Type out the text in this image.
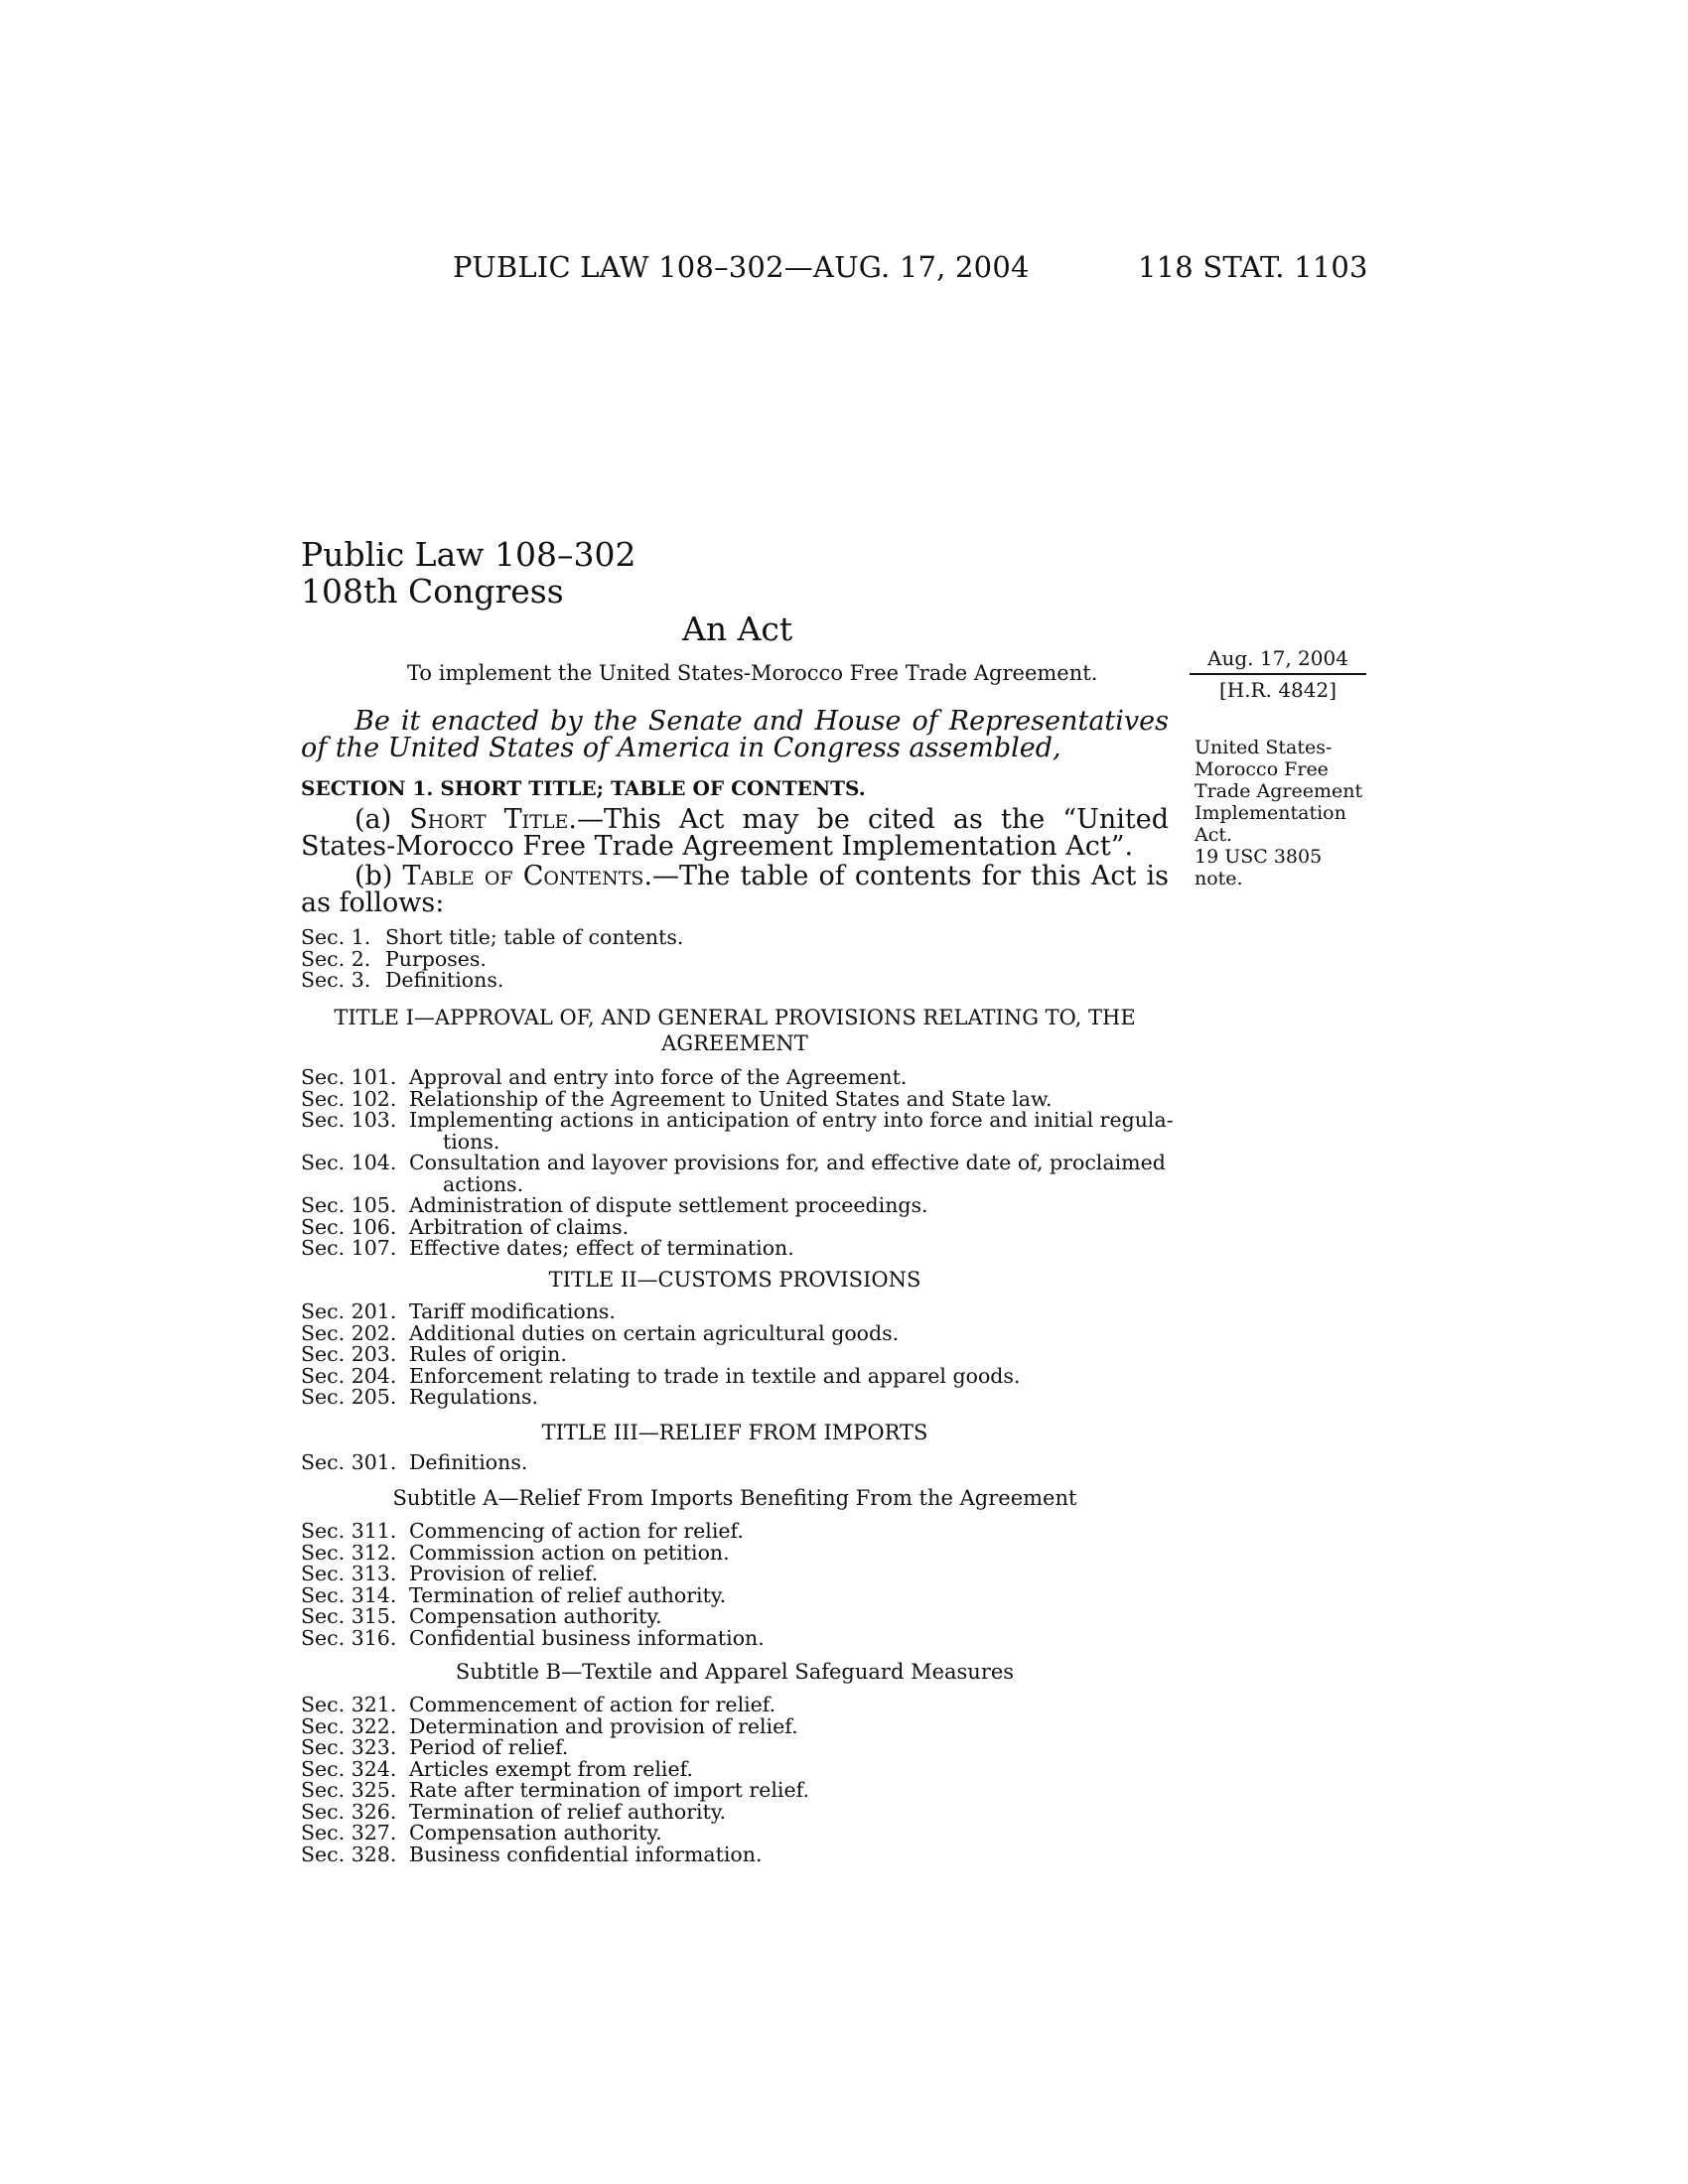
PUBLIC LAW 108–302—AUG. 17, 2004	118 STAT. 1103
Public Law 108–302
108th Congress
An Act
To implement the United States-Morocco Free Trade Agreement.
Aug. 17, 2004
[H.R. 4842]
United States-
Morocco Free
Trade Agreement
Implementation
Act.
19 USC 3805
note.
Be it enacted by the Senate and House of Representatives of the United States of America in Congress assembled,
SECTION 1. SHORT TITLE; TABLE OF CONTENTS.
(a) Short Title.—This Act may be cited as the “United States-Morocco Free Trade Agreement Implementation Act”.
(b) Table of Contents.—The table of contents for this Act is as follows:
Sec. 1. Short title; table of contents.
Sec. 2. Purposes.
Sec. 3. Definitions.
TITLE I—APPROVAL OF, AND GENERAL PROVISIONS RELATING TO, THE AGREEMENT
Sec. 101. Approval and entry into force of the Agreement.
Sec. 102. Relationship of the Agreement to United States and State law.
Sec. 103. Implementing actions in anticipation of entry into force and initial regula-
tions.
Sec. 104. Consultation and layover provisions for, and effective date of, proclaimed
actions.
Sec. 105. Administration of dispute settlement proceedings.
Sec. 106. Arbitration of claims.
Sec. 107. Effective dates; effect of termination.
TITLE II—CUSTOMS PROVISIONS
Sec. 201. Tariff modifications.
Sec. 202. Additional duties on certain agricultural goods.
Sec. 203. Rules of origin.
Sec. 204. Enforcement relating to trade in textile and apparel goods.
Sec. 205. Regulations.
TITLE III—RELIEF FROM IMPORTS
Sec. 301. Definitions.
Subtitle A—Relief From Imports Benefiting From the Agreement
Sec. 311. Commencing of action for relief.
Sec. 312. Commission action on petition.
Sec. 313. Provision of relief.
Sec. 314. Termination of relief authority.
Sec. 315. Compensation authority.
Sec. 316. Confidential business information.
Subtitle B—Textile and Apparel Safeguard Measures
Sec. 321. Commencement of action for relief.
Sec. 322. Determination and provision of relief.
Sec. 323. Period of relief.
Sec. 324. Articles exempt from relief.
Sec. 325. Rate after termination of import relief.
Sec. 326. Termination of relief authority.
Sec. 327. Compensation authority.
Sec. 328. Business confidential information.
